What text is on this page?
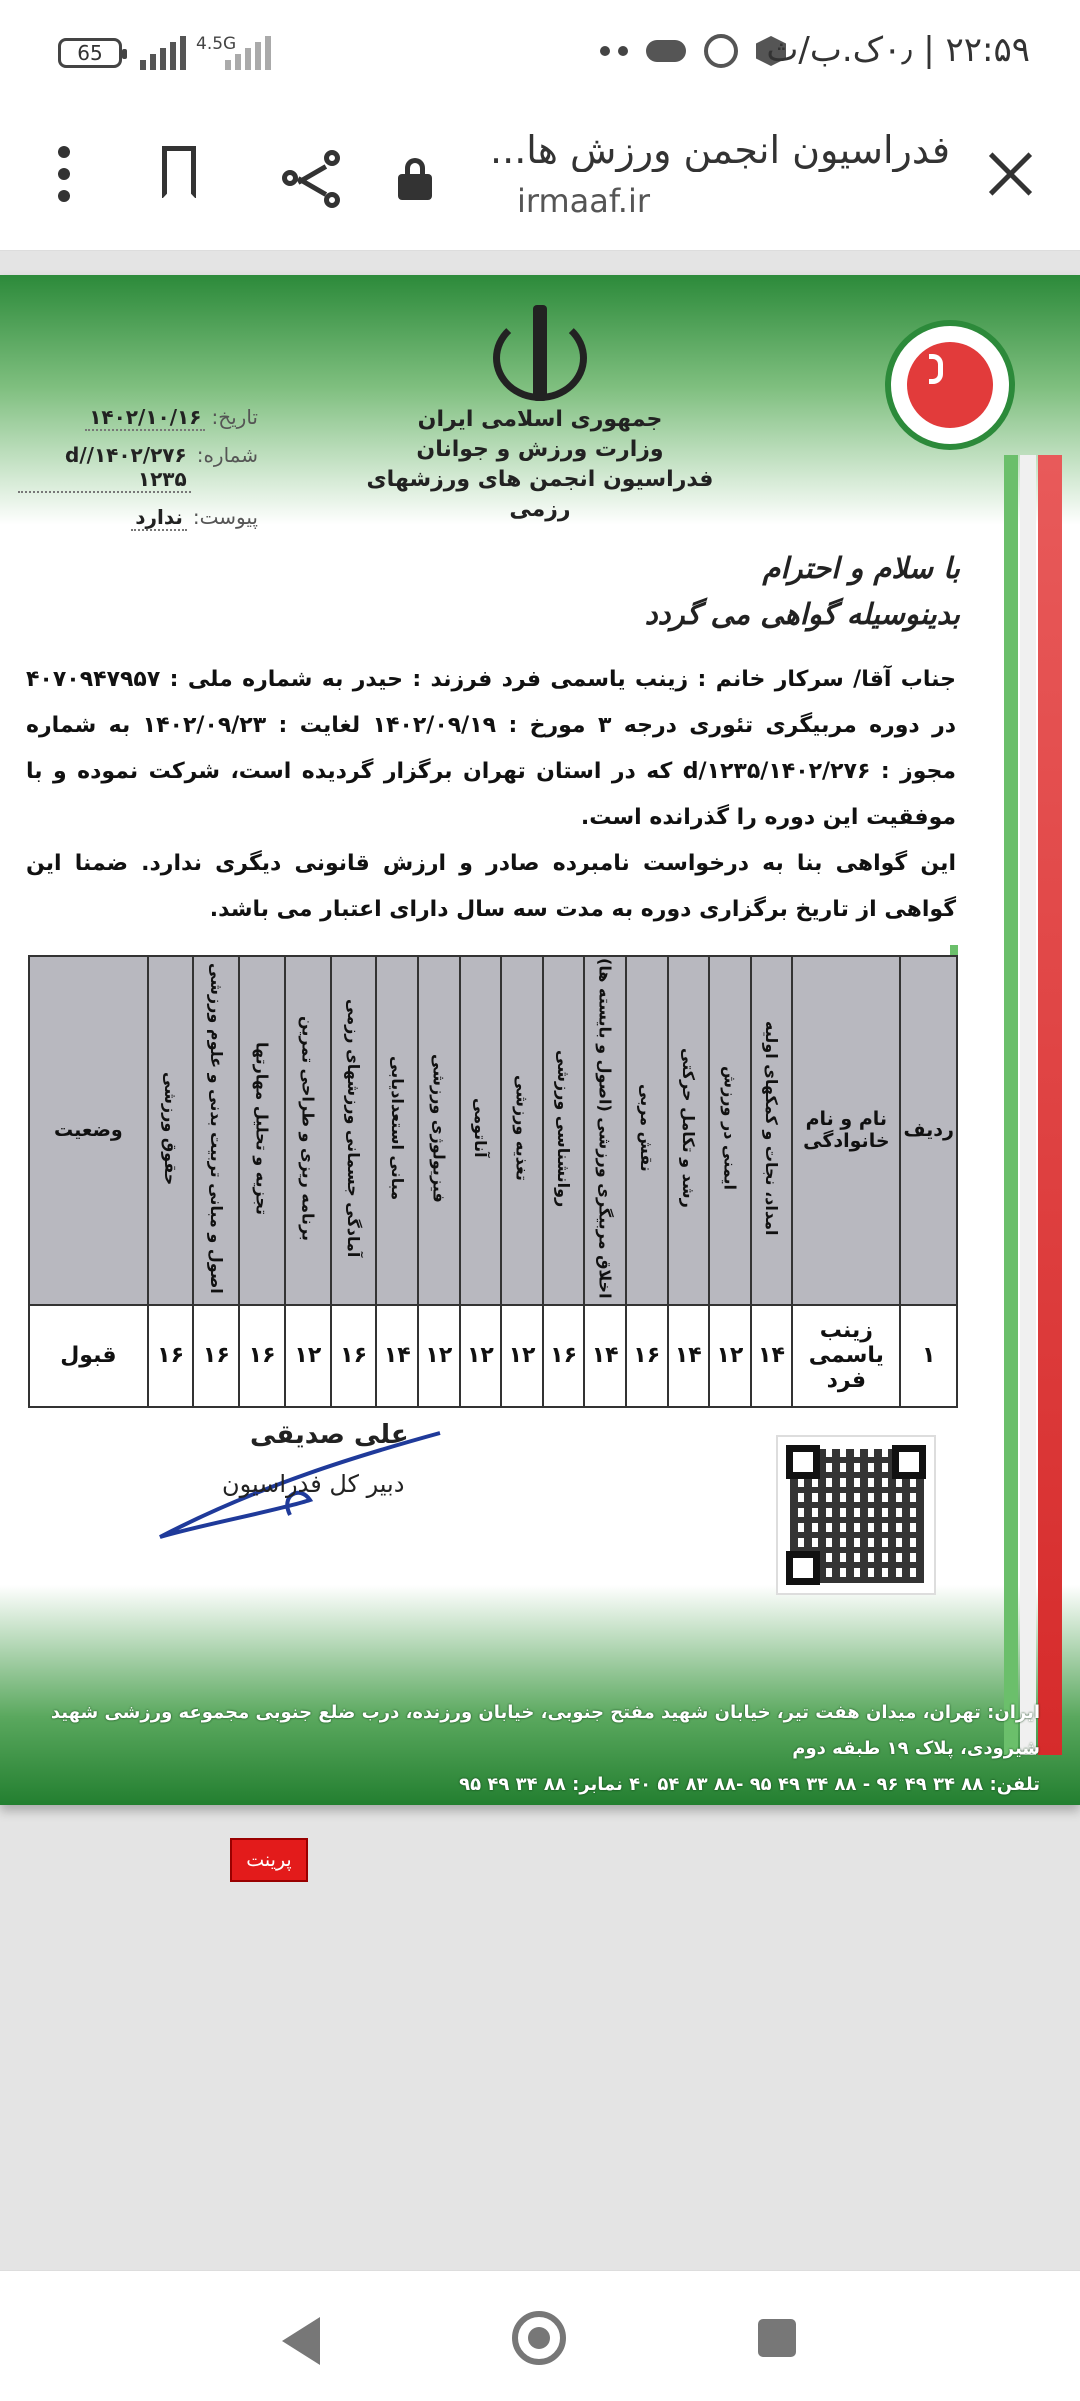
65	4.5G	۲۲:۵۹ | ۰٫ک.ب/ث
فدراسیون انجمن ورزش ها...
irmaaf.ir
جمهوری اسلامی ایران
وزارت ورزش و جوانان
فدراسیون انجمن های ورزشهای رزمی
تاریخ:
۱۴۰۲/۱۰/۱۶
شماره:
۱۴۰۲/۲۷۶/d/۱۲۳۵
پیوست:
ندارد
با سلام و احترام
بدینوسیله گواهی می گردد
جناب آقا/ سرکار خانم : زینب یاسمی فرد فرزند : حیدر به شماره ملی : ۴۰۷۰۹۴۷۹۵۷ در دوره مربیگری تئوری درجه ۳ مورخ : ۱۴۰۲/۰۹/۱۹ لغایت : ۱۴۰۲/۰۹/۲۳ به شماره مجوز : ۱۴۰۲/۲۷۶/d/۱۲۳۵ که در استان تهران برگزار گردیده است، شرکت نموده و با موفقیت این دوره را گذرانده است.
این گواهی بنا به درخواست نامبرده صادر و ارزش قانونی دیگری ندارد. ضمنا این گواهی از تاریخ برگزاری دوره به مدت سه سال دارای اعتبار می باشد.
ردیف	نام و نام خانوادگی	امداد، نجات و کمکهای اولیه	ایمنی در ورزش	رشد و تکامل حرکتی	نقش مربی	اخلاق مربیگری ورزشی (اصول و بایسته ها)	روانشناسی ورزشی	تغذیه ورزشی	آناتومی	فیزیولوژی ورزشی	مبانی استعدادیابی	آمادگی جسمانی ورزشهای رزمی	برنامه ریزی و طراحی تمرین	تجزیه و تحلیل مهارتها	اصول و مبانی تربیت بدنی و علوم ورزشی	حقوق ورزشی	وضعیت
۱	زینب یاسمی فرد	۱۴	۱۲	۱۴	۱۶	۱۴	۱۶	۱۲	۱۲	۱۲	۱۴	۱۶	۱۲	۱۶	۱۶	۱۶	قبول
علی صدیقی
دبیر کل فدراسیون
ایران: تهران، میدان هفت تیر، خیابان شهید مفتح جنوبی، خیابان ورزنده، درب ضلع جنوبی مجموعه ورزشی شهید شیرودی، پلاک ۱۹ طبقه دوم
تلفن: ۸۸ ۳۴ ۴۹ ۹۶ - ۸۸ ۳۴ ۴۹ ۹۵ -۸۸ ۸۳ ۵۴ ۴۰ نمابر: ۸۸ ۳۴ ۴۹ ۹۵
پرینت
